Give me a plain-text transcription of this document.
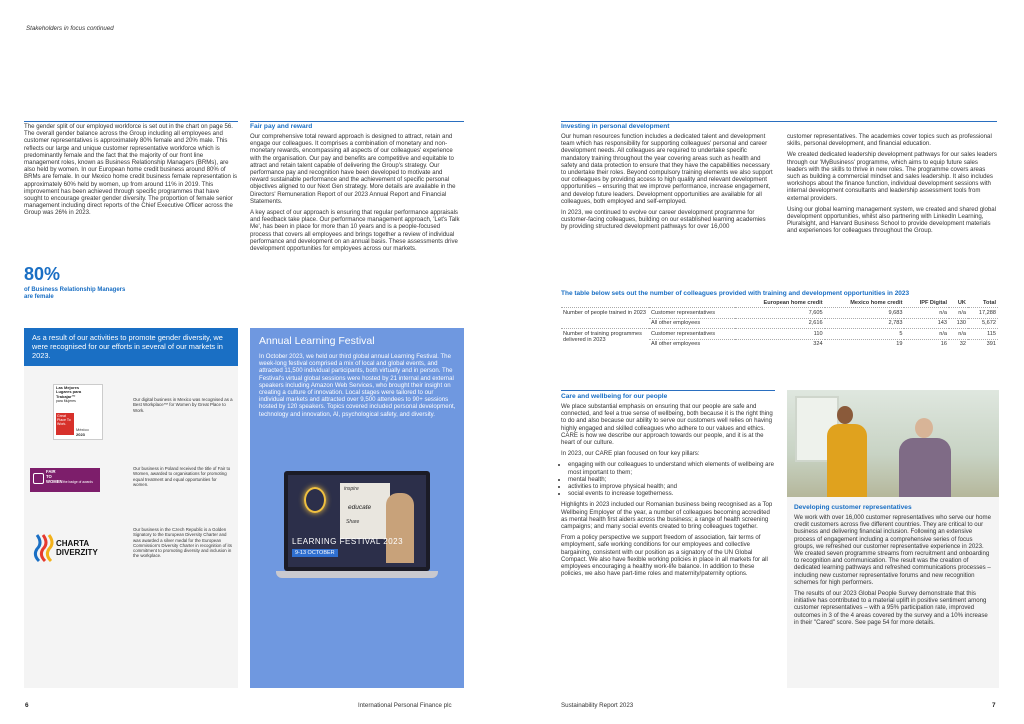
Stakeholders in focus continued

The gender split of our employed workforce is set out in the chart on page 56. The overall gender balance across the Group including all employees and customer representatives is approximately 80% female and 20% male. This reflects our large and unique customer representative workforce which is predominantly female and the fact that the majority of our front line management roles, known as Business Relationship Managers (BRMs), are also held by women. In our European home credit business around 80% of BRMs are female. In our Mexico home credit business female representation is approximately 60% held by women, up from around 11% in 2019. This improvement has been achieved through specific programmes that have sought to encourage greater gender diversity. The proportion of female senior management including direct reports of the Chief Executive Officer across the Group was 26% in 2023.

80%
of Business Relationship Managers are female
As a result of our activities to promote gender diversity, we were recognised for our efforts in several of our markets in 2023.
Las Mejores
Lugares para
Trabajar™
para Mujeres
Great Place To Work.
México
2023
Our digital business in Mexico was recognised as a Best Workplace™ for Women by Great Place to Work.
FAIR
TO
WOMEN the badge of awards
Our business in Poland received the title of Fair to Women, awarded to organisations for promoting equal treatment and equal opportunities for women.
CHARTA
DIVERZITY
Our business in the Czech Republic is a Golden Signatory to the European Diversity Charter and was awarded a silver medal for the European Commission's Diversity Charter in recognition of its commitment to promoting diversity and inclusion in the workplace.
Fair pay and reward

Our comprehensive total reward approach is designed to attract, retain and engage our colleagues. It comprises a combination of monetary and non-monetary rewards, encompassing all aspects of our colleagues' experience with the organisation. Our pay and benefits are competitive and equitable to attract and retain talent capable of delivering the Group's strategy. Our performance pay and recognition have been developed to motivate and reward sustainable performance and the achievement of specific personal objectives aligned to our Next Gen strategy. More details are available in the Directors' Remuneration Report of our 2023 Annual Report and Financial Statements.

A key aspect of our approach is ensuring that regular performance appraisals and feedback take place. Our performance management approach, 'Let's Talk Me', has been in place for more than 10 years and is a people-focused process that covers all employees and brings together a review of individual performance and development on an annual basis. These assessments drive development opportunities for employees across our markets.

Annual Learning Festival
In October 2023, we held our third global annual Learning Festival. The week-long festival comprised a mix of local and global events, and attracted 11,500 individual participants, both virtually and in person. The Festival's virtual global sessions were hosted by 21 internal and external speakers including Amazon Web Services, who brought their insight on creating a culture of innovation. Local stages were tailored to our individual markets and attracted over 9,500 attendees to 90+ sessions hosted by 120 speakers. Topics covered included personal development, technology and innovation, AI, psychological safety, and diversity.
inspire
educate
Share
LEARNING FESTIVAL 2023
9-13 OCTOBER
Investing in personal development

Our human resources function includes a dedicated talent and development team which has responsibility for supporting colleagues' personal and career development needs. All colleagues are required to undertake specific mandatory training throughout the year covering areas such as health and safety and data protection to ensure that they have the capabilities necessary to undertake their roles. Beyond compulsory training elements we also support our colleagues by providing access to high quality and relevant development opportunities – ensuring that we improve performance, increase engagement, and develop future leaders. Development opportunities are available for all colleagues, both employed and self-employed.

In 2023, we continued to evolve our career development programme for customer-facing colleagues, building on our established learning academies by providing structured development pathways for over 16,000

customer representatives. The academies cover topics such as professional skills, personal development, and financial education.

We created dedicated leadership development pathways for our sales leaders through our 'MyBusiness' programme, which aims to equip future sales leaders with the skills to thrive in new roles. The programme covers areas such as building a commercial mindset and sales leadership. It also includes workshops about the finance function, individual development sessions with internal development consultants and leadership assessment tools from external providers.

Using our global learning management system, we created and shared global development opportunities, whilst also partnering with LinkedIn Learning, Pluralsight, and Harvard Business School to provide development materials and experiences for colleagues throughout the Group.

The table below sets out the number of colleagues provided with training and development opportunities in 2023
		European home credit	Mexico home credit	IPF Digital	UK	Total
Number of people trained in 2023	Customer representatives	7,605	9,683	n/a	n/a	17,288
	All other employees	2,616	2,783	143	130	5,672
Number of training programmes delivered in 2023	Customer representatives	110	5	n/a	n/a	115
	All other employees	324	19	16	32	391
Care and wellbeing for our people

We place substantial emphasis on ensuring that our people are safe and connected, and feel a true sense of wellbeing, both because it is the right thing to do and also because our ability to serve our customers well relies on having highly engaged and skilled colleagues who adhere to our values and ethics. CARE is how we describe our approach towards our people, and it is at the heart of our culture.

In 2023, our CARE plan focused on four key pillars:

• engaging with our colleagues to understand which elements of wellbeing are most important to them;
• mental health;
• activities to improve physical health; and
• social events to increase togetherness.

Highlights in 2023 included our Romanian business being recognised as a Top Wellbeing Employer of the year, a number of colleagues becoming accredited as mental health first aiders across the business; a range of health screening campaigns; and many social events created to bring colleagues together.

From a policy perspective we support freedom of association, fair terms of employment, safe working conditions for our employees and collective bargaining, consistent with our position as a signatory of the UN Global Compact. We also have flexible working policies in place in all markets for all employees encouraging a healthy work-life balance. In addition to these policies, we also have part-time roles and maternity/paternity options.

Developing customer representatives

We work with over 16,000 customer representatives who serve our home credit customers across five different countries. They are critical to our business and delivering financial inclusion. Following an extensive process of engagement including a comprehensive series of focus groups, we refreshed our customer representative experience in 2023. We created seven programme streams from recruitment and onboarding to recognition and communication. The result was the creation of dedicated learning pathways and refreshed communications processes – including new customer representative forums and new recognition schemes for high performers.

The results of our 2023 Global People Survey demonstrate that this initiative has contributed to a material uplift in positive sentiment among customer representatives – with a 95% participation rate, improved outcomes in 3 of the 4 areas covered by the survey and a 10% increase in their "Cared" score. See page 54 for more details.

6	International Personal Finance plc	Sustainability Report 2023	7
